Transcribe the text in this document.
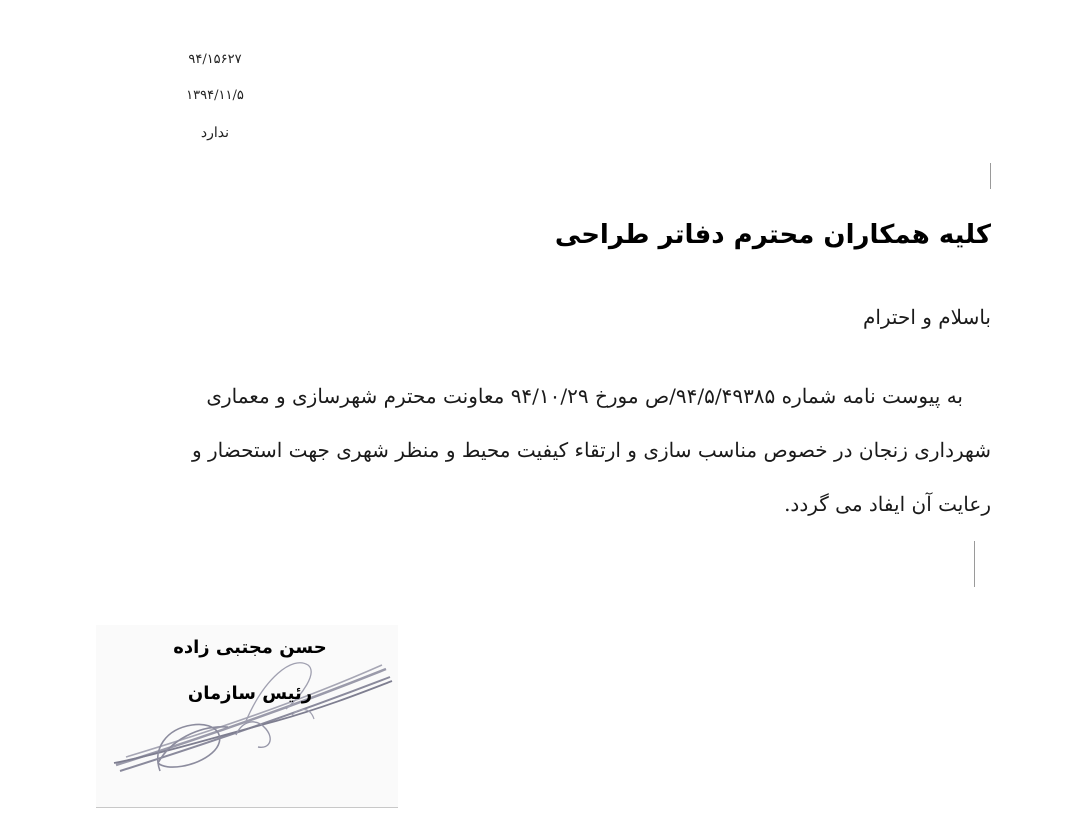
۹۴/۱۵۶۲۷
۱۳۹۴/۱۱/۵
ندارد
کلیه همکاران محترم دفاتر طراحی
باسلام و احترام

به پیوست نامه شماره ۹۴/۵/۴۹۳۸۵/ص مورخ ۹۴/۱۰/۲۹ معاونت محترم شهرسازی و معماری

شهرداری زنجان در خصوص مناسب سازی و ارتقاء کیفیت محیط و منظر شهری جهت استحضار و

رعایت آن ایفاد می گردد.

حسن مجتبی زاده
رئیس سازمان
